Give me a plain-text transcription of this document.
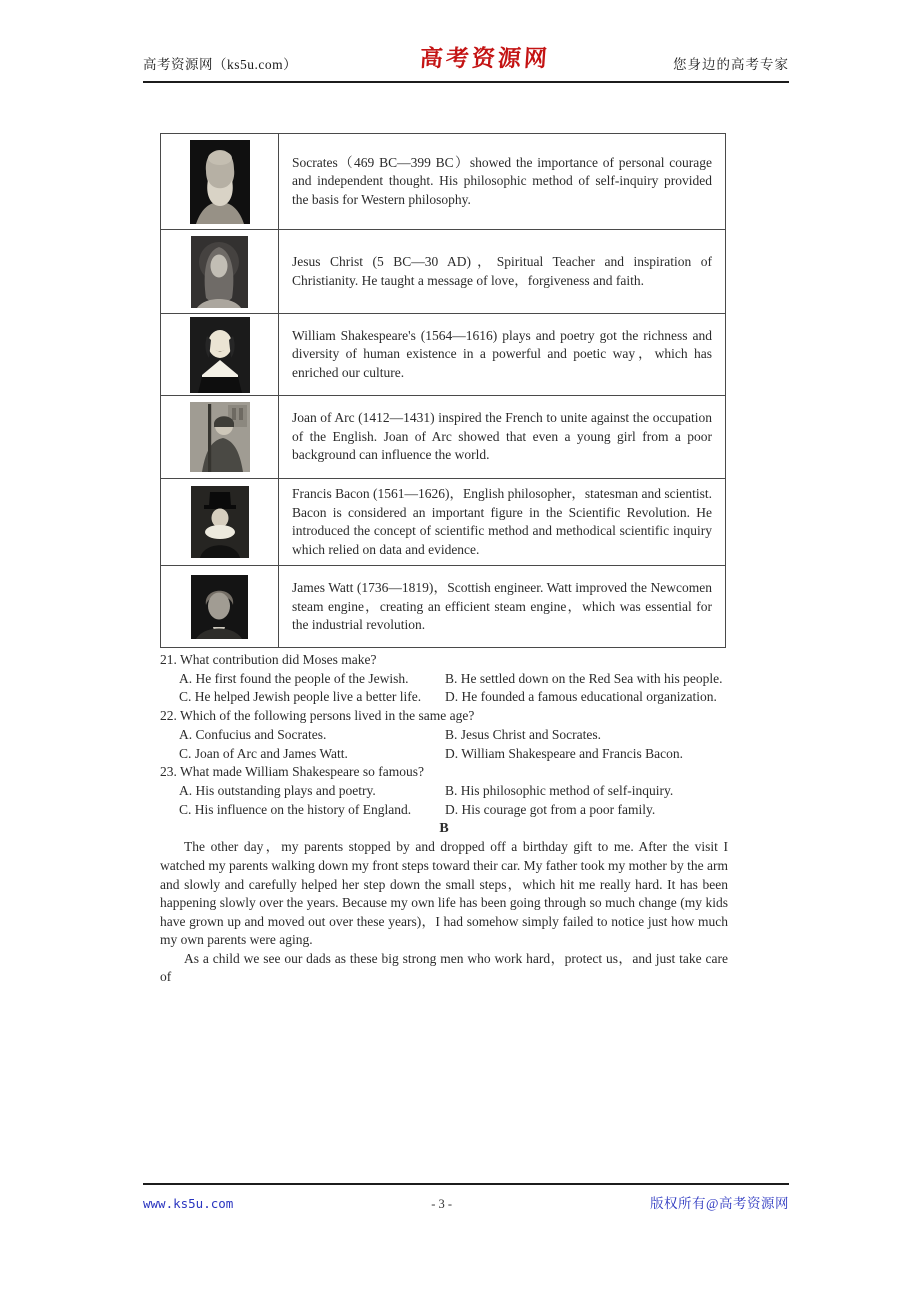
高考资源网（ks5u.com）	高考资源网	您身边的高考专家
	Socrates（469 BC—399 BC）showed the importance of personal courage and independent thought. His philosophic method of self-inquiry provided the basis for Western philosophy.
	Jesus Christ (5 BC—30 AD)，Spiritual Teacher and inspiration of Christianity. He taught a message of love，forgiveness and faith.
	William Shakespeare's (1564—1616) plays and poetry got the richness and diversity of human existence in a powerful and poetic way，which has enriched our culture.
	Joan of Arc (1412—1431) inspired the French to unite against the occupation of the English. Joan of Arc showed that even a young girl from a poor background can influence the world.
	Francis Bacon (1561—1626)，English philosopher，statesman and scientist. Bacon is considered an important figure in the Scientific Revolution. He introduced the concept of scientific method and methodical scientific inquiry which relied on data and evidence.
	James Watt (1736—1819)，Scottish engineer. Watt improved the Newcomen steam engine，creating an efficient steam engine，which was essential for the industrial revolution.
21. What contribution did Moses make?
A. He first found the people of the Jewish.	B. He settled down on the Red Sea with his people.
C. He helped Jewish people live a better life.	D. He founded a famous educational organization.
22. Which of the following persons lived in the same age?
A. Confucius and Socrates.	B. Jesus Christ and Socrates.
C. Joan of Arc and James Watt.	D. William Shakespeare and Francis Bacon.
23. What made William Shakespeare so famous?
A. His outstanding plays and poetry.	B. His philosophic method of self-inquiry.
C. His influence on the history of England.	D. His courage got from a poor family.
B

The other day，my parents stopped by and dropped off a birthday gift to me. After the visit I watched my parents walking down my front steps toward their car. My father took my mother by the arm and slowly and carefully helped her step down the small steps，which hit me really hard. It has been happening slowly over the years. Because my own life has been going through so much change (my kids have grown up and moved out over these years)，I had somehow simply failed to notice just how much my own parents were aging.

As a child we see our dads as these big strong men who work hard，protect us，and just take care of

www.ks5u.com	- 3 -	版权所有@高考资源网
